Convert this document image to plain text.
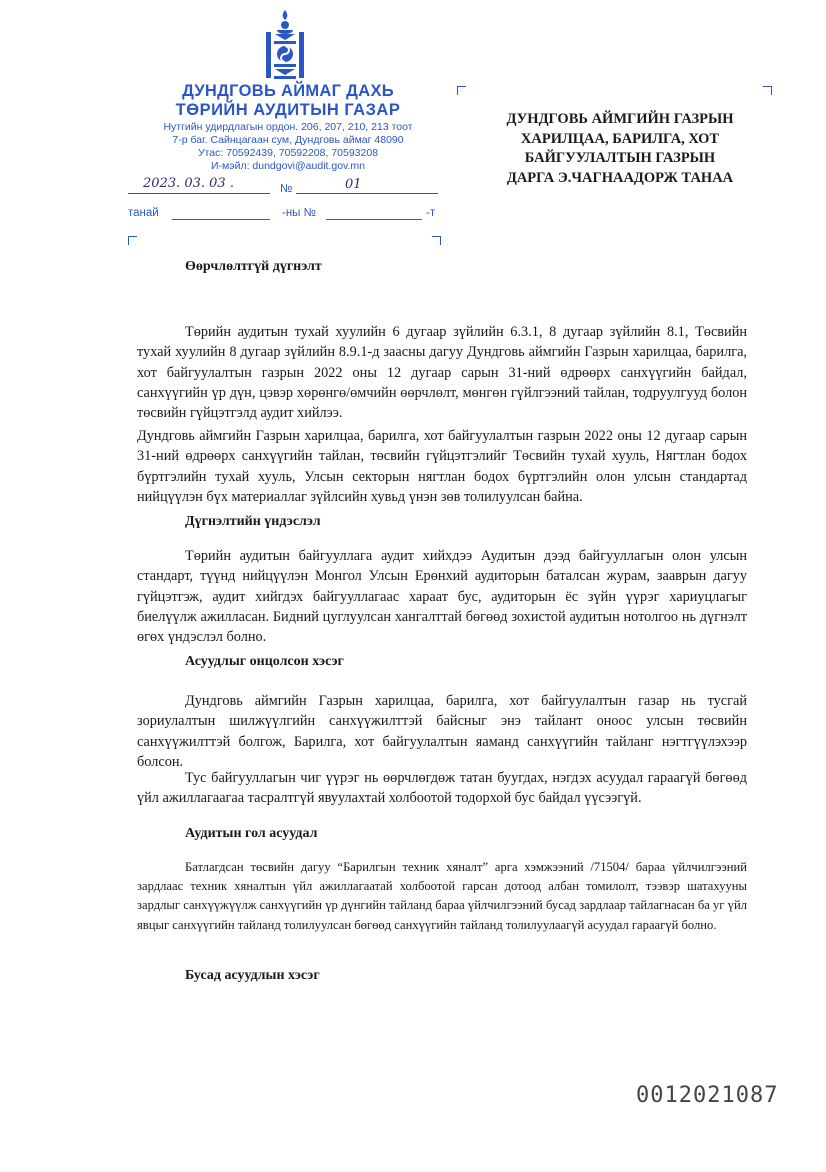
ДУНДГОВЬ АЙМАГ ДАХЬ
ТӨРИЙН АУДИТЫН ГАЗАР
Нутгийн удирдлагын ордон. 206, 207, 210, 213 тоот
7-р баг. Сайнцагаан сум, Дундговь аймаг 48090
Утас: 70592439, 70592208, 70593208
И-мэйл: dundgovi@audit.gov.mn
2023. 03. 03 .	№	01
танай	-ны №	-т
ДУНДГОВЬ АЙМГИЙН ГАЗРЫН
ХАРИЛЦАА, БАРИЛГА, ХОТ
БАЙГУУЛАЛТЫН ГАЗРЫН
ДАРГА Э.ЧАГНААДОРЖ ТАНАА
Өөрчлөлтгүй дүгнэлт
Төрийн аудитын тухай хуулийн 6 дугаар зүйлийн 6.3.1, 8 дугаар зүйлийн 8.1, Төсвийн тухай хуулийн 8 дугаар зүйлийн 8.9.1-д заасны дагуу Дундговь аймгийн Газрын харилцаа, барилга, хот байгуулалтын газрын 2022 оны 12 дугаар сарын 31-ний өдрөөрх санхүүгийн байдал, санхүүгийн үр дүн, цэвэр хөрөнгө/өмчийн өөрчлөлт, мөнгөн гүйлгээний тайлан, тодруулгууд болон төсвийн гүйцэтгэлд аудит хийлээ.
Дундговь аймгийн Газрын харилцаа, барилга, хот байгуулалтын газрын 2022 оны 12 дугаар сарын 31-ний өдрөөрх санхүүгийн тайлан, төсвийн гүйцэтгэлийг Төсвийн тухай хууль, Нягтлан бодох бүртгэлийн тухай хууль, Улсын секторын нягтлан бодох бүртгэлийн олон улсын стандартад нийцүүлэн бүх материаллаг зүйлсийн хувьд үнэн зөв толилуулсан байна.
Дүгнэлтийн үндэслэл
Төрийн аудитын байгууллага аудит хийхдээ Аудитын дээд байгууллагын олон улсын стандарт, түүнд нийцүүлэн Монгол Улсын Ерөнхий аудиторын баталсан журам, зааврын дагуу гүйцэтгэж, аудит хийгдэх байгууллагаас хараат бус, аудиторын ёс зүйн үүрэг хариуцлагыг биелүүлж ажилласан. Бидний цуглуулсан хангалттай бөгөөд зохистой аудитын нотолгоо нь дүгнэлт өгөх үндэслэл болно.
Асуудлыг онцолсон хэсэг
Дундговь аймгийн Газрын харилцаа, барилга, хот байгуулалтын газар нь тусгай зориулалтын шилжүүлгийн санхүүжилттэй байсныг энэ тайлант оноос улсын төсвийн санхүүжилттэй болгож, Барилга, хот байгуулалтын яаманд санхүүгийн тайланг нэгтгүүлэхээр болсон.
Тус байгууллагын чиг үүрэг нь өөрчлөгдөж татан буугдах, нэгдэх асуудал гараагүй бөгөөд үйл ажиллагаагаа тасралтгүй явуулахтай холбоотой тодорхой бус байдал үүсээгүй.
Аудитын гол асуудал
Батлагдсан төсвийн дагуу “Барилгын техник хяналт” арга хэмжээний /71504/ бараа үйлчилгээний зардлаас техник хяналтын үйл ажиллагаатай холбоотой гарсан дотоод албан томилолт, тээвэр шатахууны зардлыг санхүүжүүлж санхүүгийн үр дүнгийн тайланд бараа үйлчилгээний бусад зардлаар тайлагнасан ба уг үйл явцыг санхүүгийн тайланд толилуулсан бөгөөд санхүүгийн тайланд толилуулаагүй асуудал гараагүй болно.
Бусад асуудлын хэсэг
0012021087
